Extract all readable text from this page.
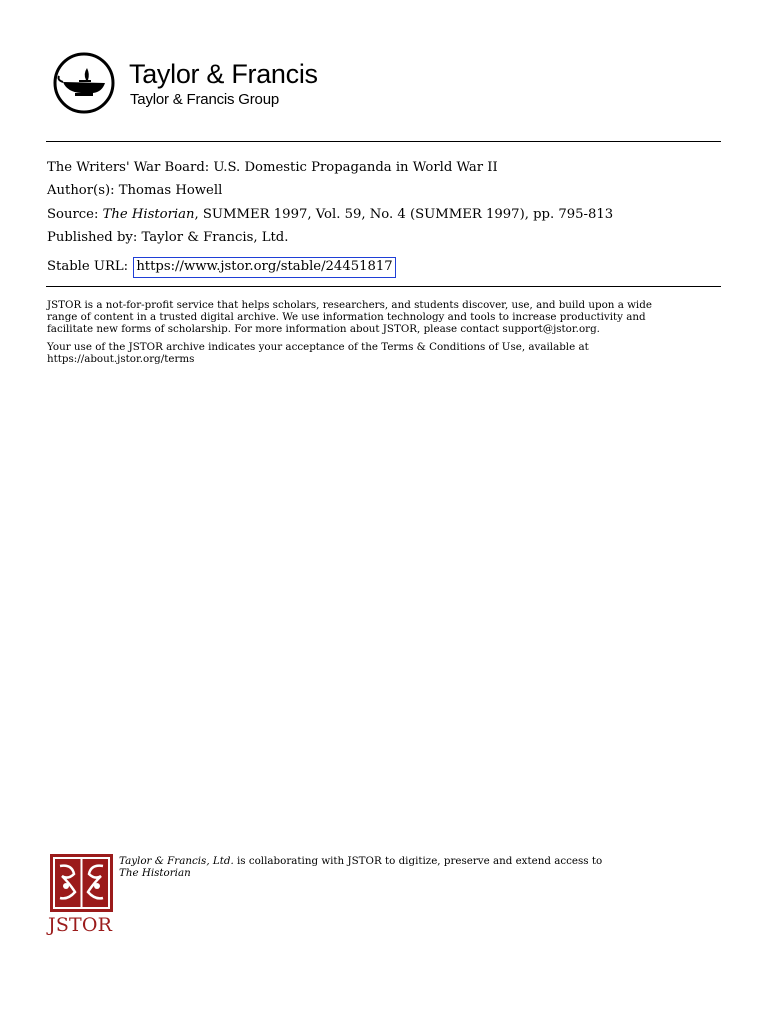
Taylor & Francis
Taylor & Francis Group
The Writers' War Board: U.S. Domestic Propaganda in World War II
Author(s): Thomas Howell
Source: The Historian, SUMMER 1997, Vol. 59, No. 4 (SUMMER 1997), pp. 795-813
Published by: Taylor & Francis, Ltd.
Stable URL: https://www.jstor.org/stable/24451817
JSTOR is a not-for-profit service that helps scholars, researchers, and students discover, use, and build upon a wide
range of content in a trusted digital archive. We use information technology and tools to increase productivity and
facilitate new forms of scholarship. For more information about JSTOR, please contact support@jstor.org.
Your use of the JSTOR archive indicates your acceptance of the Terms & Conditions of Use, available at
https://about.jstor.org/terms
JSTOR
Taylor & Francis, Ltd. is collaborating with JSTOR to digitize, preserve and extend access to
The Historian
